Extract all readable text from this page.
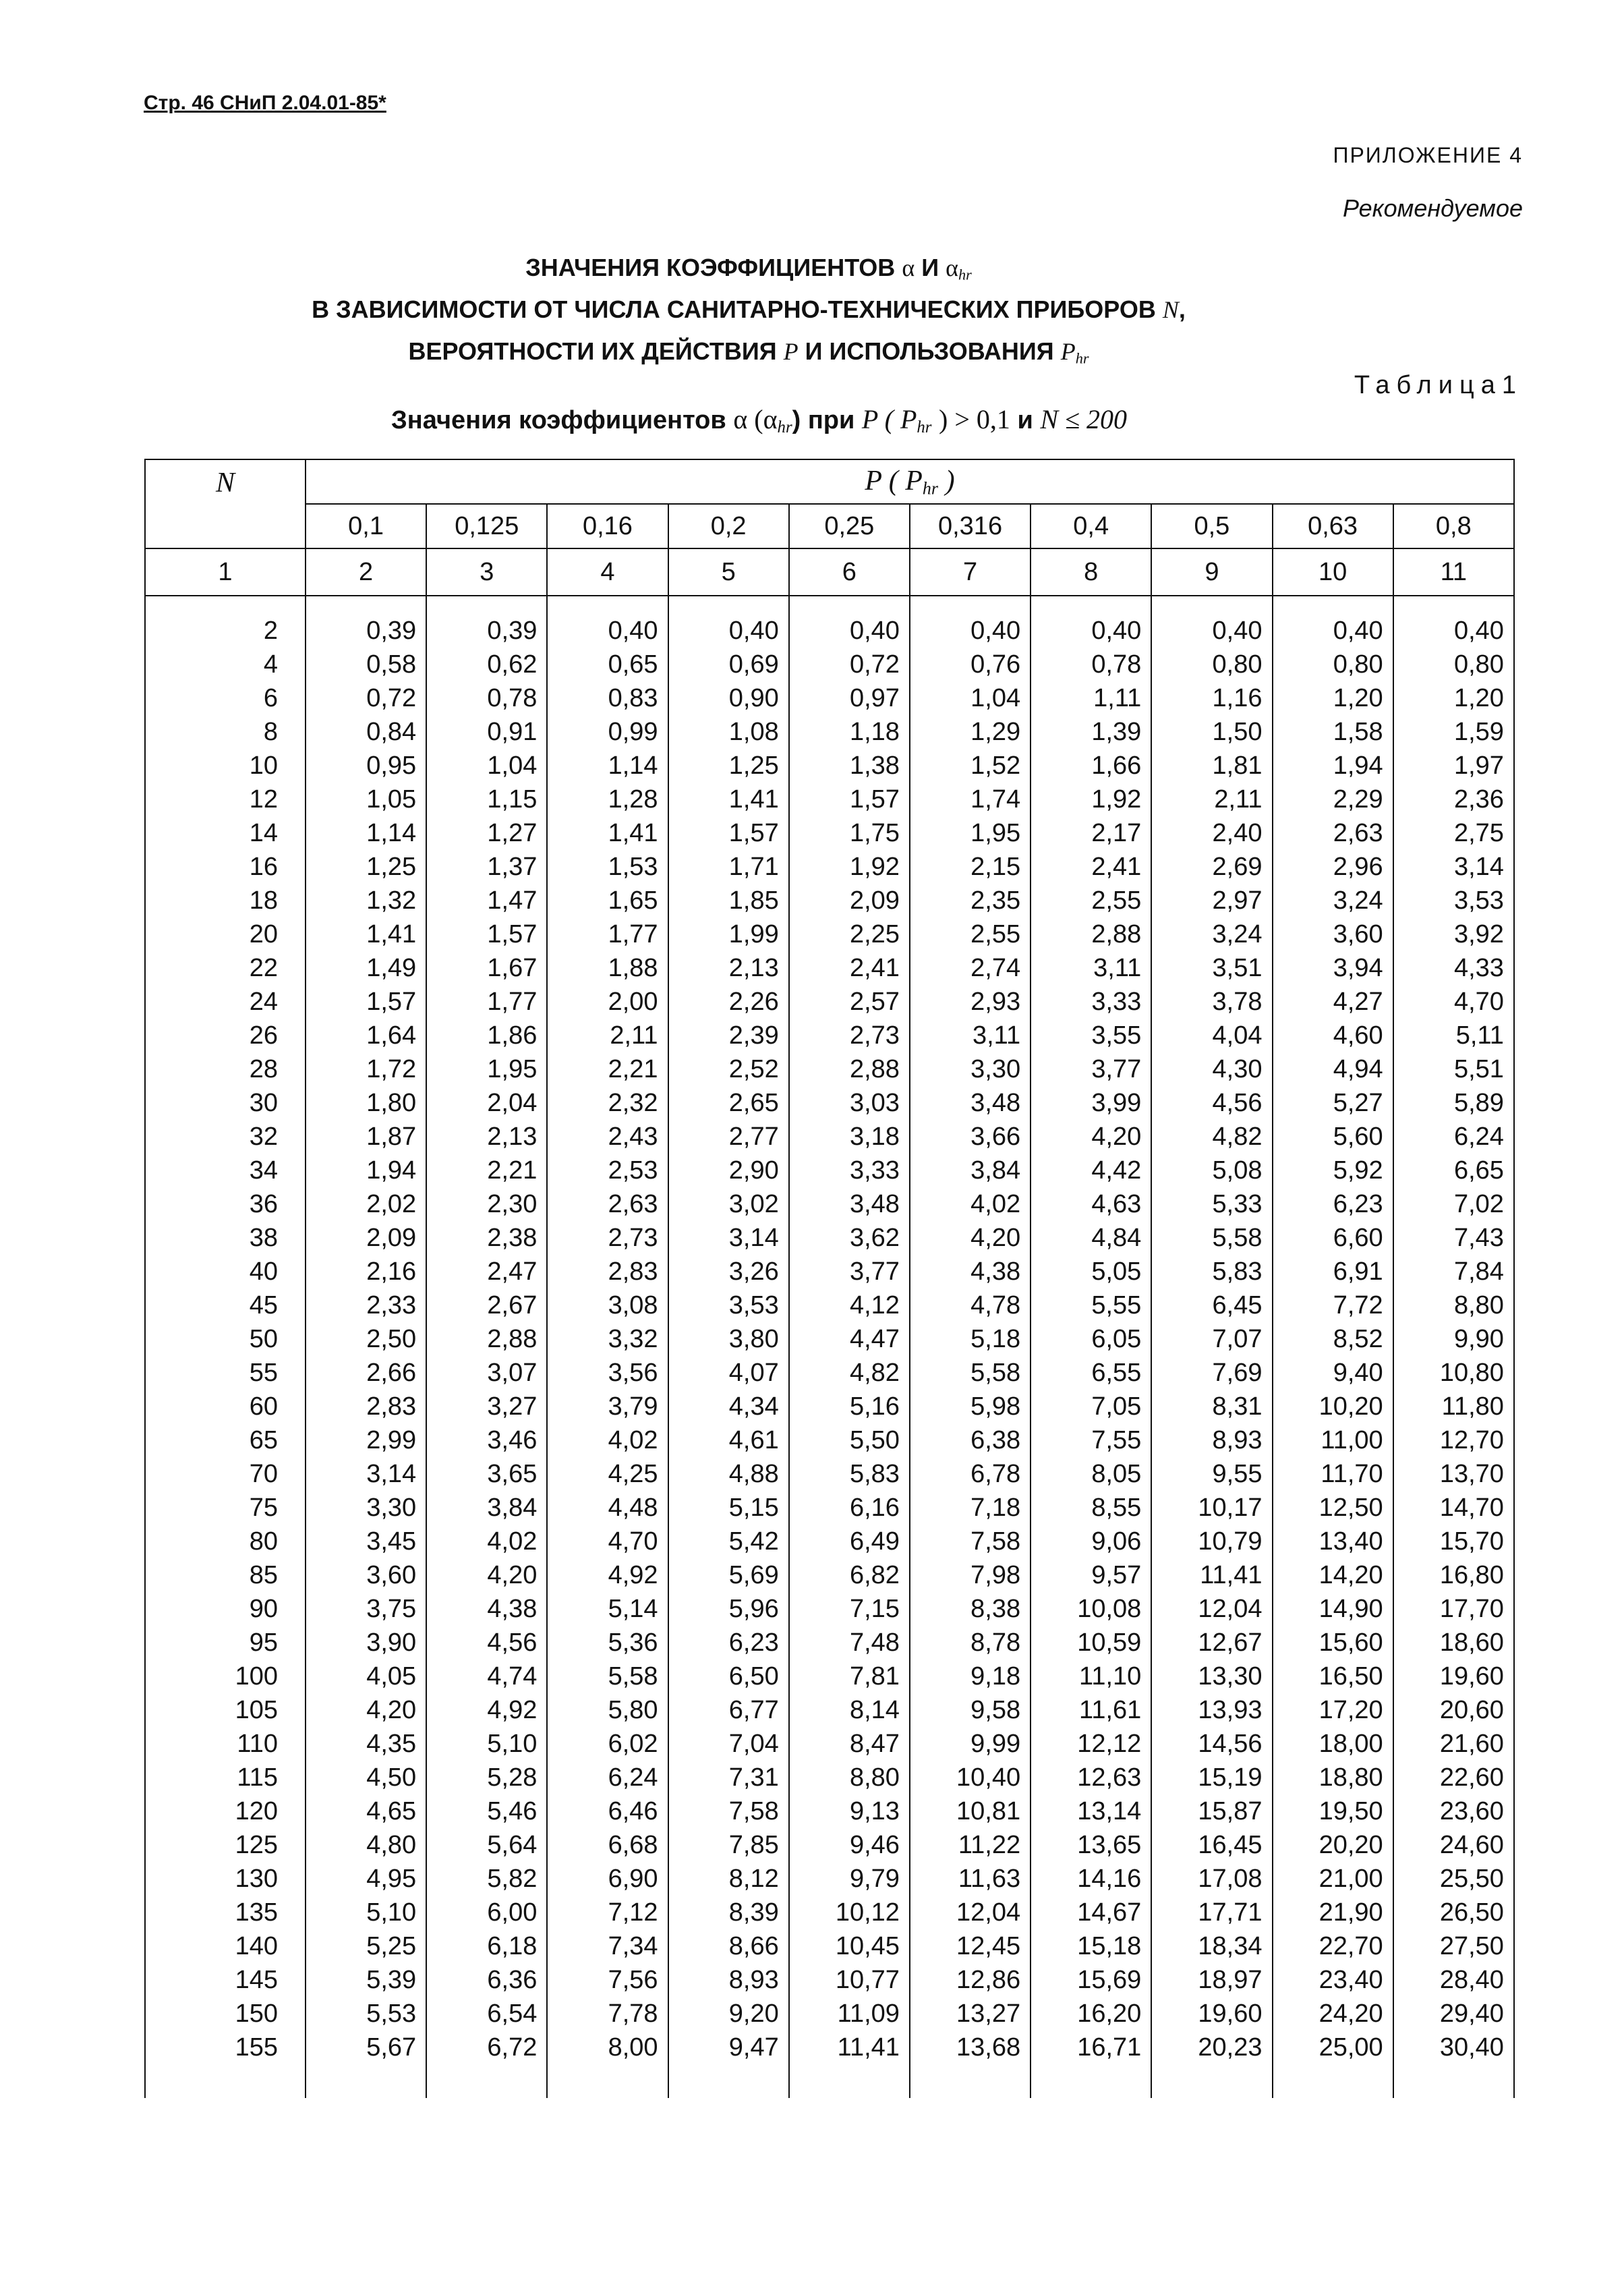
Стр. 46 СНиП 2.04.01-85*
ПРИЛОЖЕНИЕ 4
Рекомендуемое
ЗНАЧЕНИЯ КОЭФФИЦИЕНТОВ α И $\alpha_{hr}$
В ЗАВИСИМОСТИ ОТ ЧИСЛА САНИТАРНО-ТЕХНИЧЕСКИХ ПРИБОРОВ N,
ВЕРОЯТНОСТИ ИХ ДЕЙСТВИЯ P И ИСПОЛЬЗОВАНИЯ $P_{hr}$
Таблица1
Значения коэффициентов α $(\alpha_{hr})$ при P ( $P_{hr}$ ) > 0,1 и N ≤ 200
N	P ( $P_{hr}$ )									
	0,1	0,125	0,16	0,2	0,25	0,316	0,4	0,5	0,63	0,8
1	2	3	4	5	6	7	8	9	10	11

2	0,39	0,39	0,40	0,40	0,40	0,40	0,40	0,40	0,40	0,40
4	0,58	0,62	0,65	0,69	0,72	0,76	0,78	0,80	0,80	0,80
6	0,72	0,78	0,83	0,90	0,97	1,04	1,11	1,16	1,20	1,20
8	0,84	0,91	0,99	1,08	1,18	1,29	1,39	1,50	1,58	1,59
10	0,95	1,04	1,14	1,25	1,38	1,52	1,66	1,81	1,94	1,97
12	1,05	1,15	1,28	1,41	1,57	1,74	1,92	2,11	2,29	2,36
14	1,14	1,27	1,41	1,57	1,75	1,95	2,17	2,40	2,63	2,75
16	1,25	1,37	1,53	1,71	1,92	2,15	2,41	2,69	2,96	3,14
18	1,32	1,47	1,65	1,85	2,09	2,35	2,55	2,97	3,24	3,53
20	1,41	1,57	1,77	1,99	2,25	2,55	2,88	3,24	3,60	3,92
22	1,49	1,67	1,88	2,13	2,41	2,74	3,11	3,51	3,94	4,33
24	1,57	1,77	2,00	2,26	2,57	2,93	3,33	3,78	4,27	4,70
26	1,64	1,86	2,11	2,39	2,73	3,11	3,55	4,04	4,60	5,11
28	1,72	1,95	2,21	2,52	2,88	3,30	3,77	4,30	4,94	5,51
30	1,80	2,04	2,32	2,65	3,03	3,48	3,99	4,56	5,27	5,89
32	1,87	2,13	2,43	2,77	3,18	3,66	4,20	4,82	5,60	6,24
34	1,94	2,21	2,53	2,90	3,33	3,84	4,42	5,08	5,92	6,65
36	2,02	2,30	2,63	3,02	3,48	4,02	4,63	5,33	6,23	7,02
38	2,09	2,38	2,73	3,14	3,62	4,20	4,84	5,58	6,60	7,43
40	2,16	2,47	2,83	3,26	3,77	4,38	5,05	5,83	6,91	7,84
45	2,33	2,67	3,08	3,53	4,12	4,78	5,55	6,45	7,72	8,80
50	2,50	2,88	3,32	3,80	4,47	5,18	6,05	7,07	8,52	9,90
55	2,66	3,07	3,56	4,07	4,82	5,58	6,55	7,69	9,40	10,80
60	2,83	3,27	3,79	4,34	5,16	5,98	7,05	8,31	10,20	11,80
65	2,99	3,46	4,02	4,61	5,50	6,38	7,55	8,93	11,00	12,70
70	3,14	3,65	4,25	4,88	5,83	6,78	8,05	9,55	11,70	13,70
75	3,30	3,84	4,48	5,15	6,16	7,18	8,55	10,17	12,50	14,70
80	3,45	4,02	4,70	5,42	6,49	7,58	9,06	10,79	13,40	15,70
85	3,60	4,20	4,92	5,69	6,82	7,98	9,57	11,41	14,20	16,80
90	3,75	4,38	5,14	5,96	7,15	8,38	10,08	12,04	14,90	17,70
95	3,90	4,56	5,36	6,23	7,48	8,78	10,59	12,67	15,60	18,60
100	4,05	4,74	5,58	6,50	7,81	9,18	11,10	13,30	16,50	19,60
105	4,20	4,92	5,80	6,77	8,14	9,58	11,61	13,93	17,20	20,60
110	4,35	5,10	6,02	7,04	8,47	9,99	12,12	14,56	18,00	21,60
115	4,50	5,28	6,24	7,31	8,80	10,40	12,63	15,19	18,80	22,60
120	4,65	5,46	6,46	7,58	9,13	10,81	13,14	15,87	19,50	23,60
125	4,80	5,64	6,68	7,85	9,46	11,22	13,65	16,45	20,20	24,60
130	4,95	5,82	6,90	8,12	9,79	11,63	14,16	17,08	21,00	25,50
135	5,10	6,00	7,12	8,39	10,12	12,04	14,67	17,71	21,90	26,50
140	5,25	6,18	7,34	8,66	10,45	12,45	15,18	18,34	22,70	27,50
145	5,39	6,36	7,56	8,93	10,77	12,86	15,69	18,97	23,40	28,40
150	5,53	6,54	7,78	9,20	11,09	13,27	16,20	19,60	24,20	29,40
155	5,67	6,72	8,00	9,47	11,41	13,68	16,71	20,23	25,00	30,40
